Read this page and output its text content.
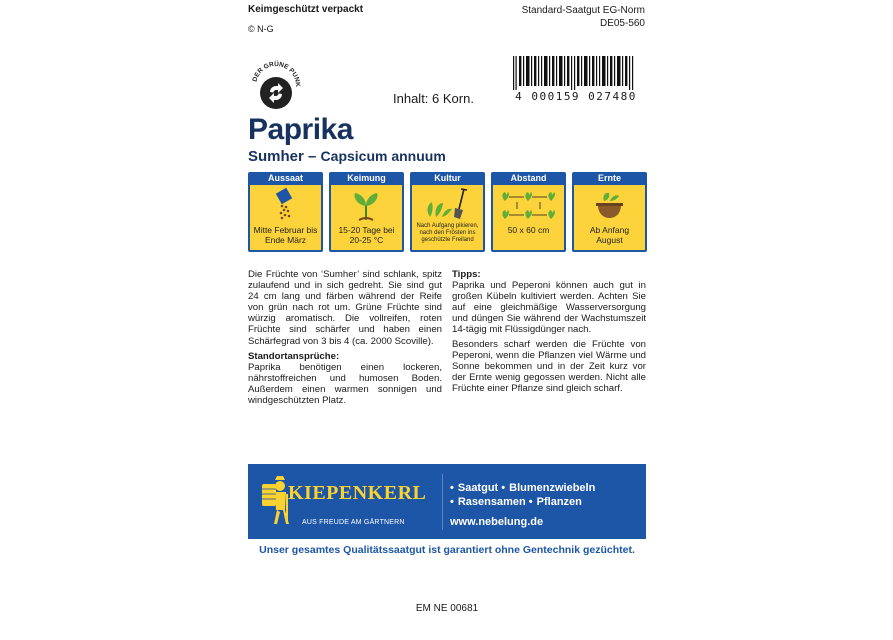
Keimgeschützt verpackt
© N-G
Standard-Saatgut EG-Norm
DE05-560
DER GRÜNE PUNK
Inhalt: 6 Korn.	4 000159 027480
Paprika
Sumher – Capsicum annuum
Aussaat
Mitte Februar bis Ende März
Keimung
15-20 Tage bei 20-25 °C
Kultur
Nach Aufgang pikieren, nach den Frösten ins geschützte Freiland
Abstand
50 x 60 cm
Ernte
Ab Anfang August

Die Früchte von ‘Sumher’ sind schlank, spitz zulaufend und in sich gedreht. Sie sind gut 24 cm lang und färben während der Reife von grün nach rot um. Grüne Früchte sind würzig aromatisch. Die vollreifen, roten Früchte sind schärfer und haben einen Schärfegrad von 3 bis 4 (ca. 2000 Scoville).

Standortansprüche:

Paprika benötigen einen lockeren, nährstoffreichen und humosen Boden. Außerdem einen warmen sonnigen und windgeschützten Platz.

Tipps:

Paprika und Peperoni können auch gut in großen Kübeln kultiviert werden. Achten Sie auf eine gleichmäßige Wasserversorgung und düngen Sie während der Wachstumszeit 14-tägig mit Flüssigdünger nach.

Besonders scharf werden die Früchte von Peperoni, wenn die Pflanzen viel Wärme und Sonne bekommen und in der Zeit kurz vor der Ernte wenig gegossen werden. Nicht alle Früchte einer Pflanze sind gleich scharf.

KIEPENKERL
AUS FREUDE AM GÄRTNERN
• Saatgut • Blumenzwiebeln
• Rasensamen • Pflanzen
www.nebelung.de
Unser gesamtes Qualitätssaatgut ist garantiert ohne Gentechnik gezüchtet.
EM NE 00681
